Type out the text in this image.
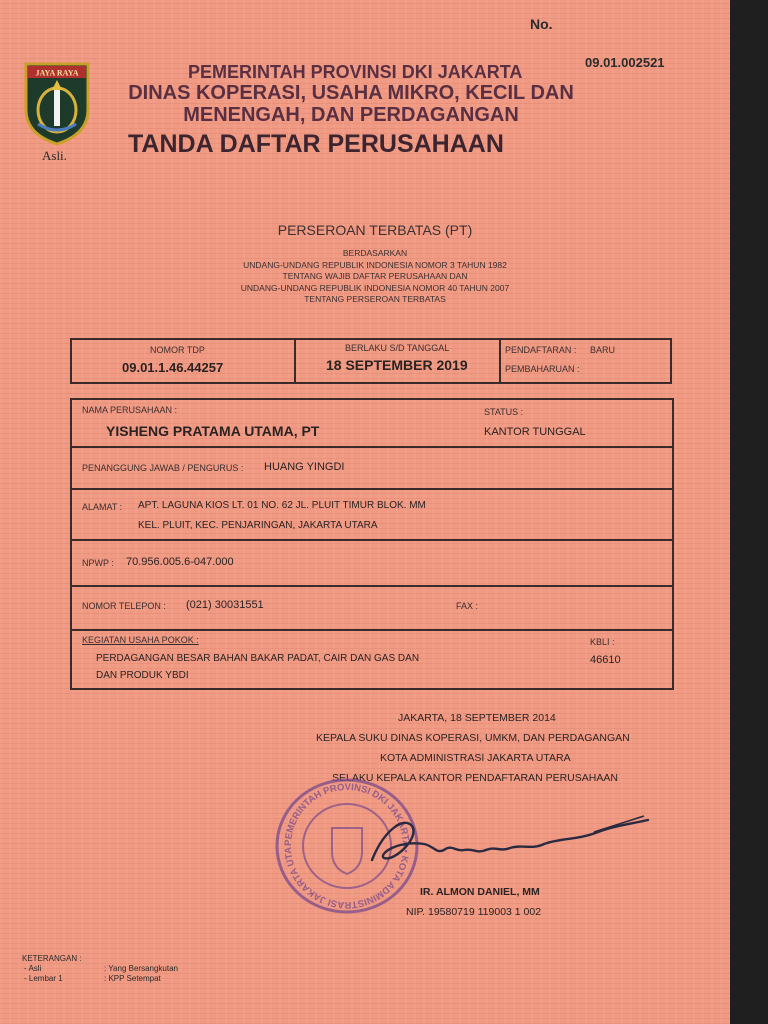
No.
09.01.002521
JAYA RAYA
Asli.
PEMERINTAH PROVINSI DKI JAKARTA
DINAS KOPERASI, USAHA MIKRO, KECIL DAN
MENENGAH, DAN PERDAGANGAN
TANDA DAFTAR PERUSAHAAN
PERSEROAN TERBATAS (PT)
BERDASARKAN
UNDANG-UNDANG REPUBLIK INDONESIA NOMOR 3 TAHUN 1982
TENTANG WAJIB DAFTAR PERUSAHAAN DAN
UNDANG-UNDANG REPUBLIK INDONESIA NOMOR 40 TAHUN 2007
TENTANG PERSEROAN TERBATAS
NOMOR TDP
09.01.1.46.44257
BERLAKU S/D TANGGAL
18 SEPTEMBER 2019
PENDAFTARAN : BARU
PEMBAHARUAN :
NAMA PERUSAHAAN :
YISHENG PRATAMA UTAMA, PT
STATUS :
KANTOR TUNGGAL
PENANGGUNG JAWAB / PENGURUS : HUANG YINGDI
ALAMAT : APT. LAGUNA KIOS LT. 01 NO. 62 JL. PLUIT TIMUR BLOK. MM
KEL. PLUIT, KEC. PENJARINGAN, JAKARTA UTARA
NPWP : 70.956.005.6-047.000
NOMOR TELEPON : (021) 30031551	FAX :
KEGIATAN USAHA POKOK :
PERDAGANGAN BESAR BAHAN BAKAR PADAT, CAIR DAN GAS DAN
DAN PRODUK YBDI
KBLI :
46610
JAKARTA, 18 SEPTEMBER 2014
KEPALA SUKU DINAS KOPERASI, UMKM, DAN PERDAGANGAN
KOTA ADMINISTRASI JAKARTA UTARA
SELAKU KEPALA KANTOR PENDAFTARAN PERUSAHAAN
PEMERINTAH PROVINSI DKI JAKARTA • KOTA ADMINISTRASI JAKARTA UTA
IR. ALMON DANIEL, MM
NIP. 19580719 119003 1 002
KETERANGAN :
- Asli	: Yang Bersangkutan
- Lembar 1	: KPP Setempat
